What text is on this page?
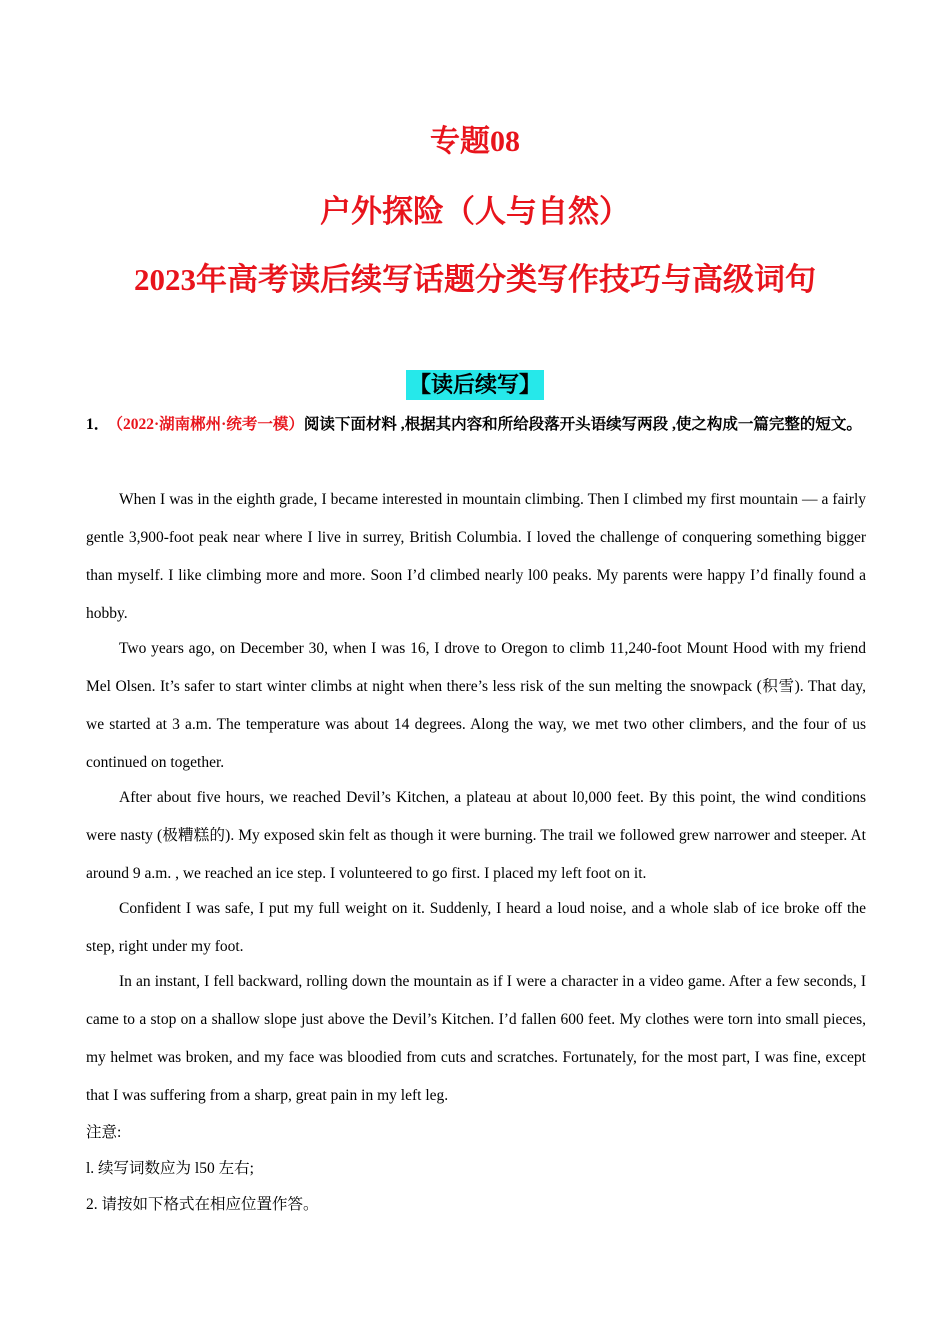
专题08
户外探险（人与自然）
2023年高考读后续写话题分类写作技巧与高级词句
【读后续写】

1． （2022·湖南郴州·统考一模）阅读下面材料 ,根据其内容和所给段落开头语续写两段 ,使之构成一篇完整的短文。

When I was in the eighth grade, I became interested in mountain climbing. Then I climbed my first mountain — a fairly gentle 3,900-foot peak near where I live in surrey, British Columbia. I loved the challenge of conquering something bigger than myself. I like climbing more and more. Soon I’d climbed nearly l00 peaks. My parents were happy I’d finally found a hobby.

Two years ago, on December 30, when I was 16, I drove to Oregon to climb 11,240-foot Mount Hood with my friend Mel Olsen. It’s safer to start winter climbs at night when there’s less risk of the sun melting the snowpack (积雪). That day, we started at 3 a.m. The temperature was about 14 degrees. Along the way, we met two other climbers, and the four of us continued on together.

After about five hours, we reached Devil’s Kitchen, a plateau at about l0,000 feet. By this point, the wind conditions were nasty (极糟糕的). My exposed skin felt as though it were burning. The trail we followed grew narrower and steeper. At around 9 a.m. , we reached an ice step. I volunteered to go first. I placed my left foot on it.

Confident I was safe, I put my full weight on it. Suddenly, I heard a loud noise, and a whole slab of ice broke off the step, right under my foot.

In an instant, I fell backward, rolling down the mountain as if I were a character in a video game. After a few seconds, I came to a stop on a shallow slope just above the Devil’s Kitchen. I’d fallen 600 feet. My clothes were torn into small pieces, my helmet was broken, and my face was bloodied from cuts and scratches. Fortunately, for the most part, I was fine, except that I was suffering from a sharp, great pain in my left leg.

注意:

l. 续写词数应为 l50 左右;

2. 请按如下格式在相应位置作答。
